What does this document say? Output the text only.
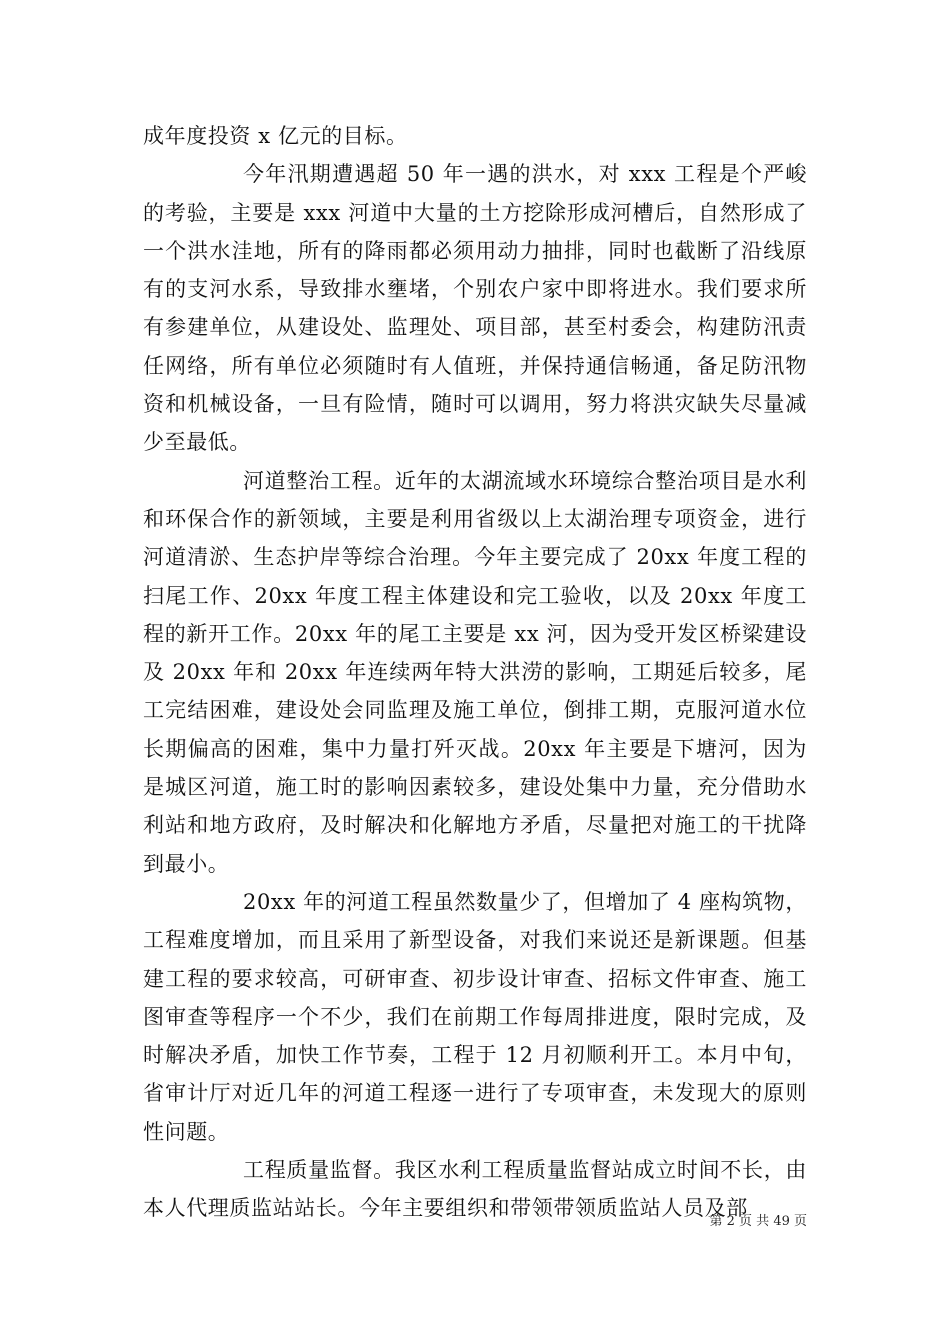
成年度投资 x 亿元的目标。

今年汛期遭遇超 50 年一遇的洪水，对 xxx 工程是个严峻的考验，主要是 xxx 河道中大量的土方挖除形成河槽后，自然形成了一个洪水洼地，所有的降雨都必须用动力抽排，同时也截断了沿线原有的支河水系，导致排水壅堵，个别农户家中即将进水。我们要求所有参建单位，从建设处、监理处、项目部，甚至村委会，构建防汛责任网络，所有单位必须随时有人值班，并保持通信畅通，备足防汛物资和机械设备，一旦有险情，随时可以调用，努力将洪灾缺失尽量减少至最低。

河道整治工程。近年的太湖流域水环境综合整治项目是水利和环保合作的新领域，主要是利用省级以上太湖治理专项资金，进行河道清淤、生态护岸等综合治理。今年主要完成了 20xx 年度工程的扫尾工作、20xx 年度工程主体建设和完工验收，以及 20xx 年度工程的新开工作。20xx 年的尾工主要是 xx 河，因为受开发区桥梁建设及 20xx 年和 20xx 年连续两年特大洪涝的影响，工期延后较多，尾工完结困难，建设处会同监理及施工单位，倒排工期，克服河道水位长期偏高的困难，集中力量打歼灭战。20xx 年主要是下塘河，因为是城区河道，施工时的影响因素较多，建设处集中力量，充分借助水利站和地方政府，及时解决和化解地方矛盾，尽量把对施工的干扰降到最小。

20xx 年的河道工程虽然数量少了，但增加了 4 座构筑物，工程难度增加，而且采用了新型设备，对我们来说还是新课题。但基建工程的要求较高，可研审查、初步设计审查、招标文件审查、施工图审查等程序一个不少，我们在前期工作每周排进度，限时完成，及时解决矛盾，加快工作节奏，工程于 12 月初顺利开工。本月中旬，省审计厅对近几年的河道工程逐一进行了专项审查，未发现大的原则性问题。

工程质量监督。我区水利工程质量监督站成立时间不长，由本人代理质监站站长。今年主要组织和带领带领质监站人员及部

第 2 页 共 49 页
